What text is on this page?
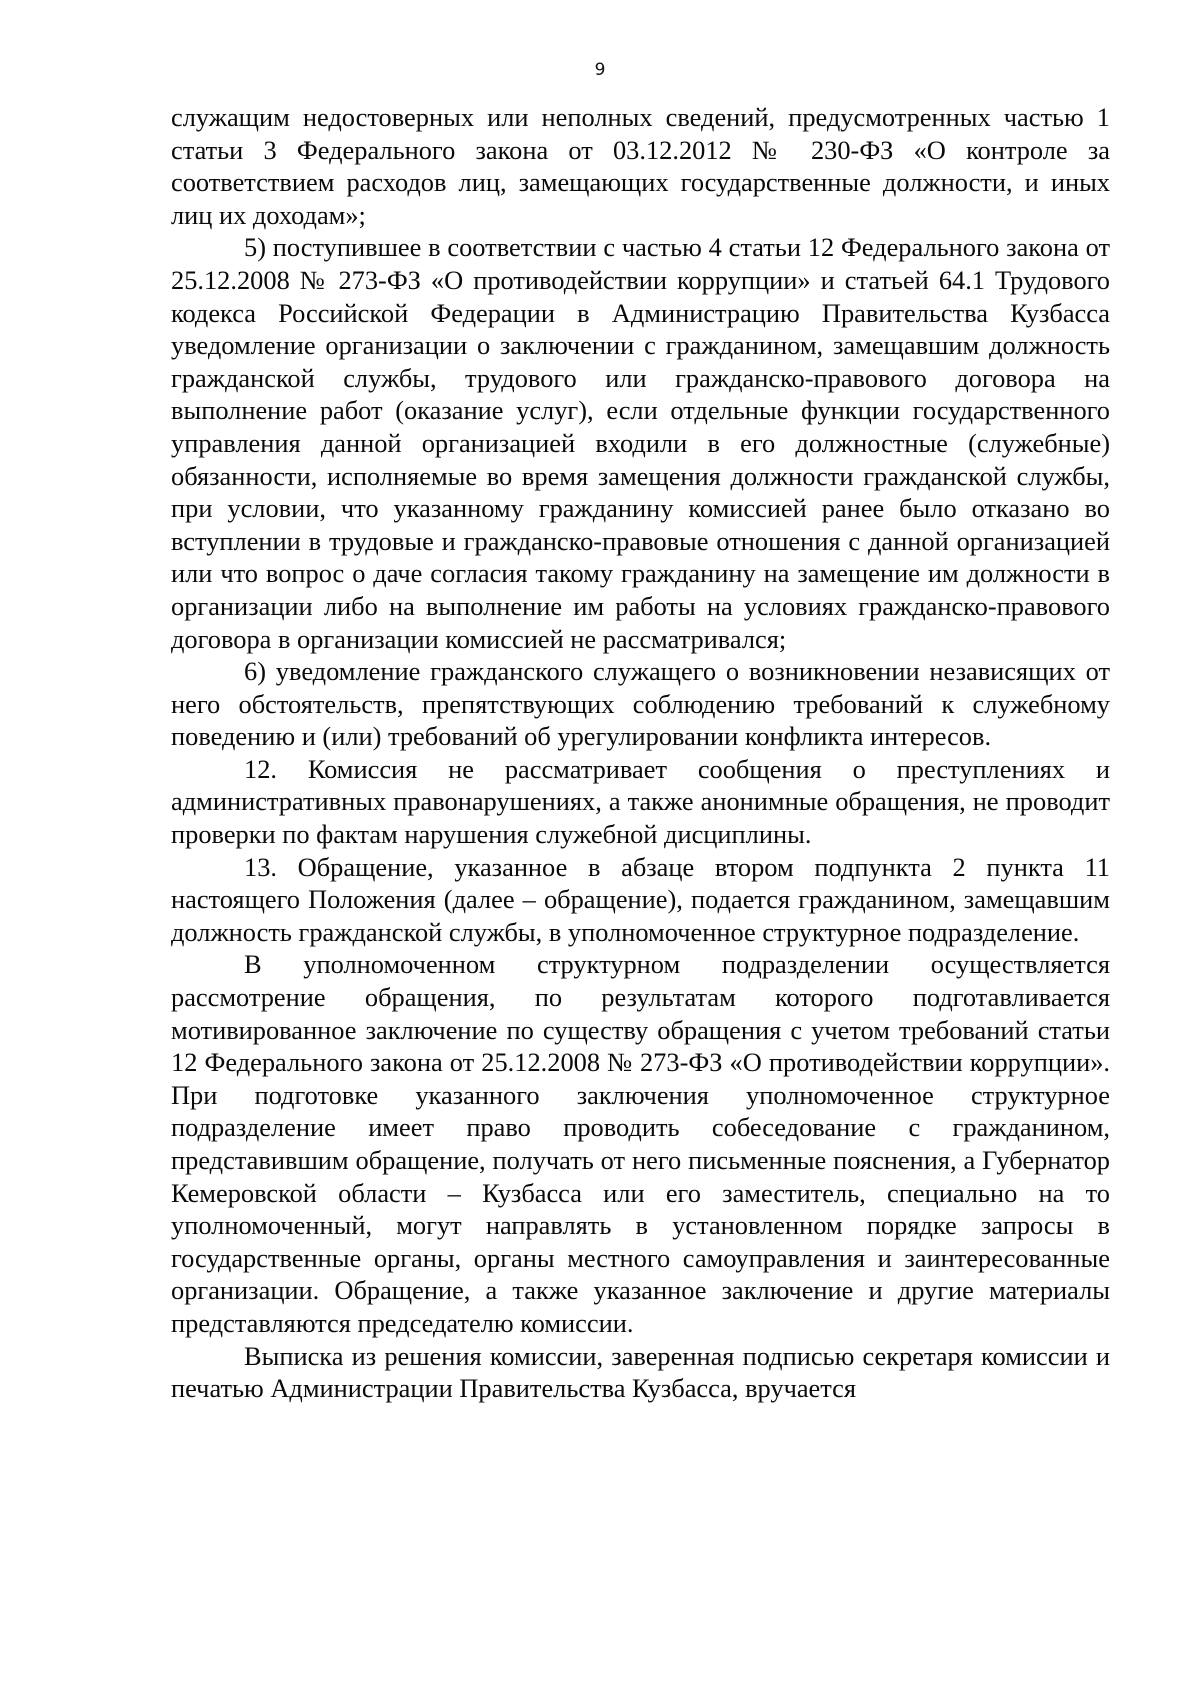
9

служащим недостоверных или неполных сведений, предусмотренных частью 1 статьи 3 Федерального закона от 03.12.2012 № 230-ФЗ «О контроле за соответствием расходов лиц, замещающих государственные должности, и иных лиц их доходам»;

5) поступившее в соответствии с частью 4 статьи 12 Федерального закона от 25.12.2008 № 273-ФЗ «О противодействии коррупции» и статьей 64.1 Трудового кодекса Российской Федерации в Администрацию Правительства Кузбасса уведомление организации о заключении с гражданином, замещавшим должность гражданской службы, трудового или гражданско-правового договора на выполнение работ (оказание услуг), если отдельные функции государственного управления данной организацией входили в его должностные (служебные) обязанности, исполняемые во время замещения должности гражданской службы, при условии, что указанному гражданину комиссией ранее было отказано во вступлении в трудовые и гражданско-правовые отношения с данной организацией или что вопрос о даче согласия такому гражданину на замещение им должности в организации либо на выполнение им работы на условиях гражданско-правового договора в организации комиссией не рассматривался;

6) уведомление гражданского служащего о возникновении независящих от него обстоятельств, препятствующих соблюдению требований к служебному поведению и (или) требований об урегулировании конфликта интересов.

12. Комиссия не рассматривает сообщения о преступлениях и административных правонарушениях, а также анонимные обращения, не проводит проверки по фактам нарушения служебной дисциплины.

13. Обращение, указанное в абзаце втором подпункта 2 пункта 11 настоящего Положения (далее – обращение), подается гражданином, замещавшим должность гражданской службы, в уполномоченное структурное подразделение.

В уполномоченном структурном подразделении осуществляется рассмотрение обращения, по результатам которого подготавливается мотивированное заключение по существу обращения с учетом требований статьи 12 Федерального закона от 25.12.2008 № 273-ФЗ «О противодействии коррупции». При подготовке указанного заключения уполномоченное структурное подразделение имеет право проводить собеседование с гражданином, представившим обращение, получать от него письменные пояснения, а Губернатор Кемеровской области – Кузбасса или его заместитель, специально на то уполномоченный, могут направлять в установленном порядке запросы в государственные органы, органы местного самоуправления и заинтересованные организации. Обращение, а также указанное заключение и другие материалы представляются председателю комиссии.

Выписка из решения комиссии, заверенная подписью секретаря комиссии и печатью Администрации Правительства Кузбасса, вручается
